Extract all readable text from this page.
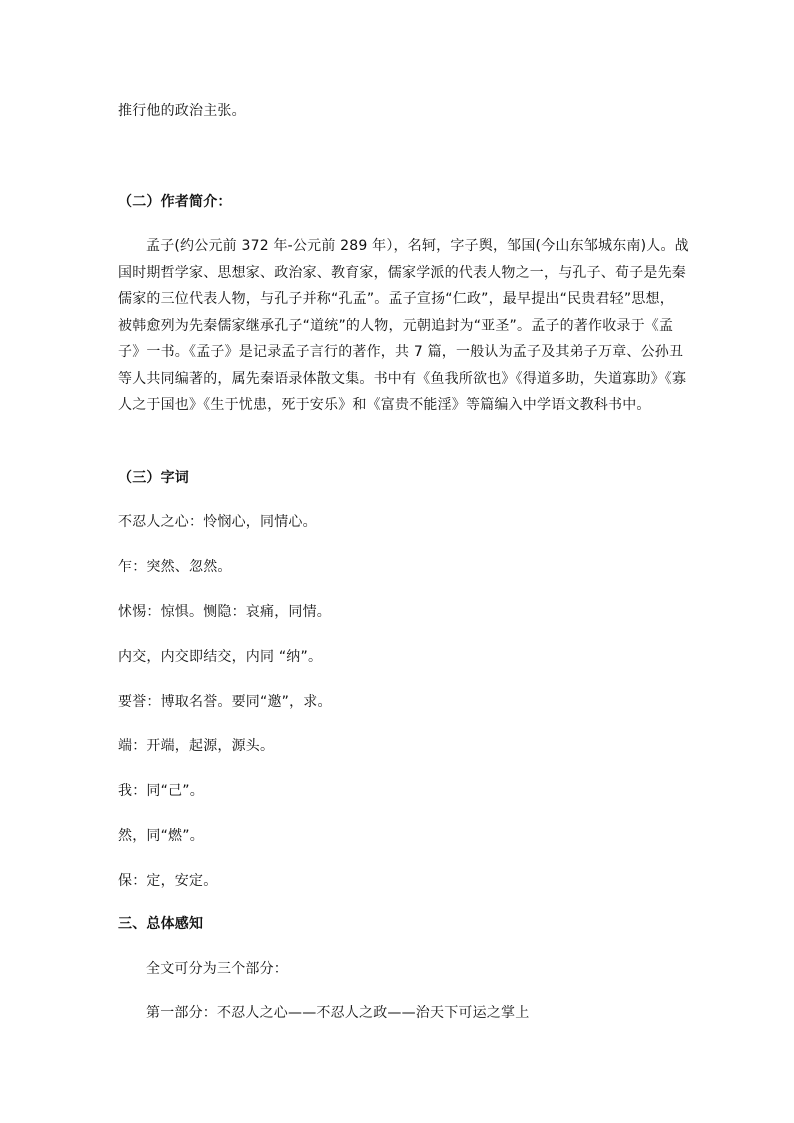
推行他的政治主张。
（二）作者简介：
孟子(约公元前 372 年-公元前 289 年），名轲，字子舆，邹国(今山东邹城东南)人。战
国时期哲学家、思想家、政治家、教育家，儒家学派的代表人物之一，与孔子、荀子是先秦
儒家的三位代表人物，与孔子并称“孔孟”。孟子宣扬“仁政”，最早提出“民贵君轻”思想，
被韩愈列为先秦儒家继承孔子“道统”的人物，元朝追封为“亚圣”。孟子的著作收录于《孟
子》一书。《孟子》是记录孟子言行的著作，共 7 篇，一般认为孟子及其弟子万章、公孙丑
等人共同编著的，属先秦语录体散文集。书中有《鱼我所欲也》《得道多助，失道寡助》《寡
人之于国也》《生于忧患，死于安乐》和《富贵不能淫》等篇编入中学语文教科书中。
（三）字词
不忍人之心：怜悯心，同情心。
乍：突然、忽然。
怵惕：惊惧。恻隐：哀痛，同情。
内交，内交即结交，内同 “纳”。
要誉：博取名誉。要同“邀”，求。
端：开端，起源，源头。
我：同“己”。
然，同“燃”。
保：定，安定。
三、总体感知
全文可分为三个部分：
第一部分：不忍人之心——不忍人之政——治天下可运之掌上
